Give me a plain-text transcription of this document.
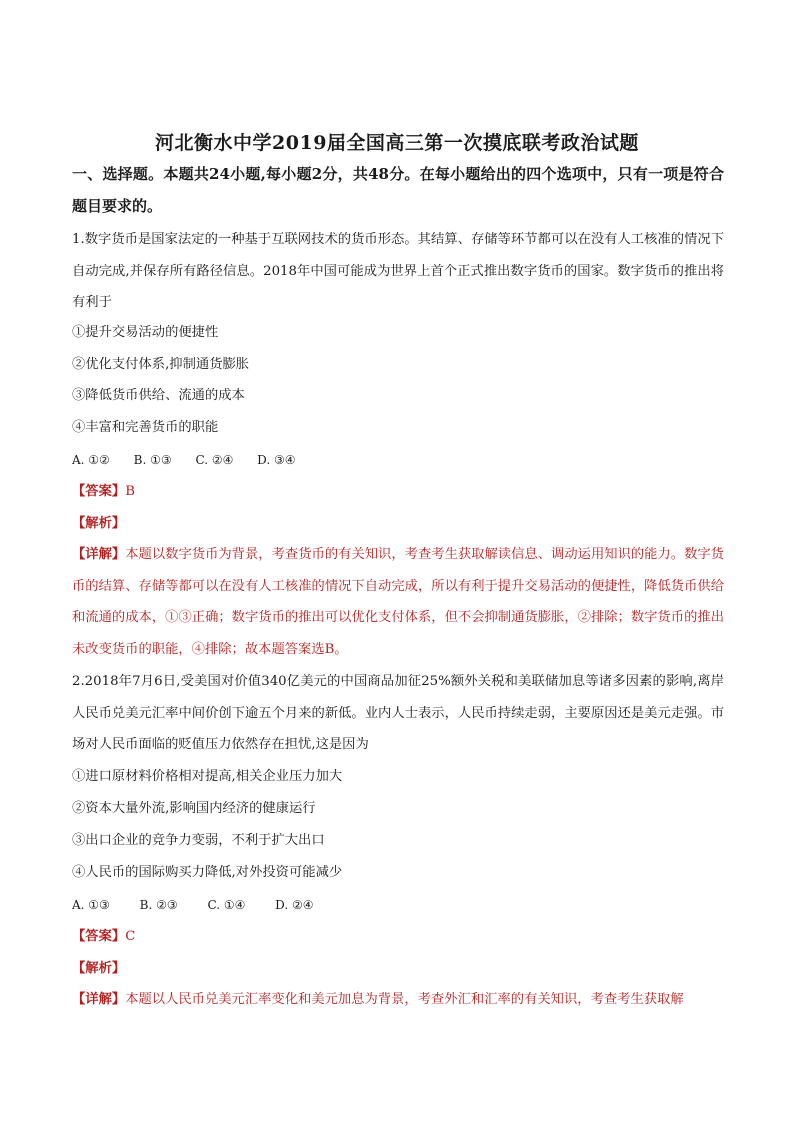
河北衡水中学2019届全国高三第一次摸底联考政治试题
一、选择题。本题共24小题,每小题2分，共48分。在每小题给出的四个选项中，只有一项是符合题目要求的。
1.数字货币是国家法定的一种基于互联网技术的货币形态。其结算、存储等环节都可以在没有人工核准的情况下自动完成,并保存所有路径信息。2018年中国可能成为世界上首个正式推出数字货币的国家。数字货币的推出将有利于
①提升交易活动的便捷性
②优化支付体系,抑制通货膨胀
③降低货币供给、流通的成本
④丰富和完善货币的职能
A. ①② B. ①③ C. ②④ D. ③④
【答案】B
【解析】
【详解】本题以数字货币为背景，考查货币的有关知识，考查考生获取解读信息、调动运用知识的能力。数字货币的结算、存储等都可以在没有人工核准的情况下自动完成，所以有利于提升交易活动的便捷性，降低货币供给和流通的成本，①③正确；数字货币的推出可以优化支付体系，但不会抑制通货膨胀，②排除；数字货币的推出未改变货币的职能，④排除；故本题答案选B。
2.2018年7月6日,受美国对价值340亿美元的中国商品加征25%额外关税和美联储加息等诸多因素的影响,离岸人民币兑美元汇率中间价创下逾五个月来的新低。业内人士表示，人民币持续走弱，主要原因还是美元走强。市场对人民币面临的贬值压力依然存在担忧,这是因为
①进口原材料价格相对提高,相关企业压力加大
②资本大量外流,影响国内经济的健康运行
③出口企业的竞争力变弱，不利于扩大出口
④人民币的国际购买力降低,对外投资可能减少
A. ①③ B. ②③ C. ①④ D. ②④
【答案】C
【解析】
【详解】本题以人民币兑美元汇率变化和美元加息为背景，考查外汇和汇率的有关知识，考查考生获取解
